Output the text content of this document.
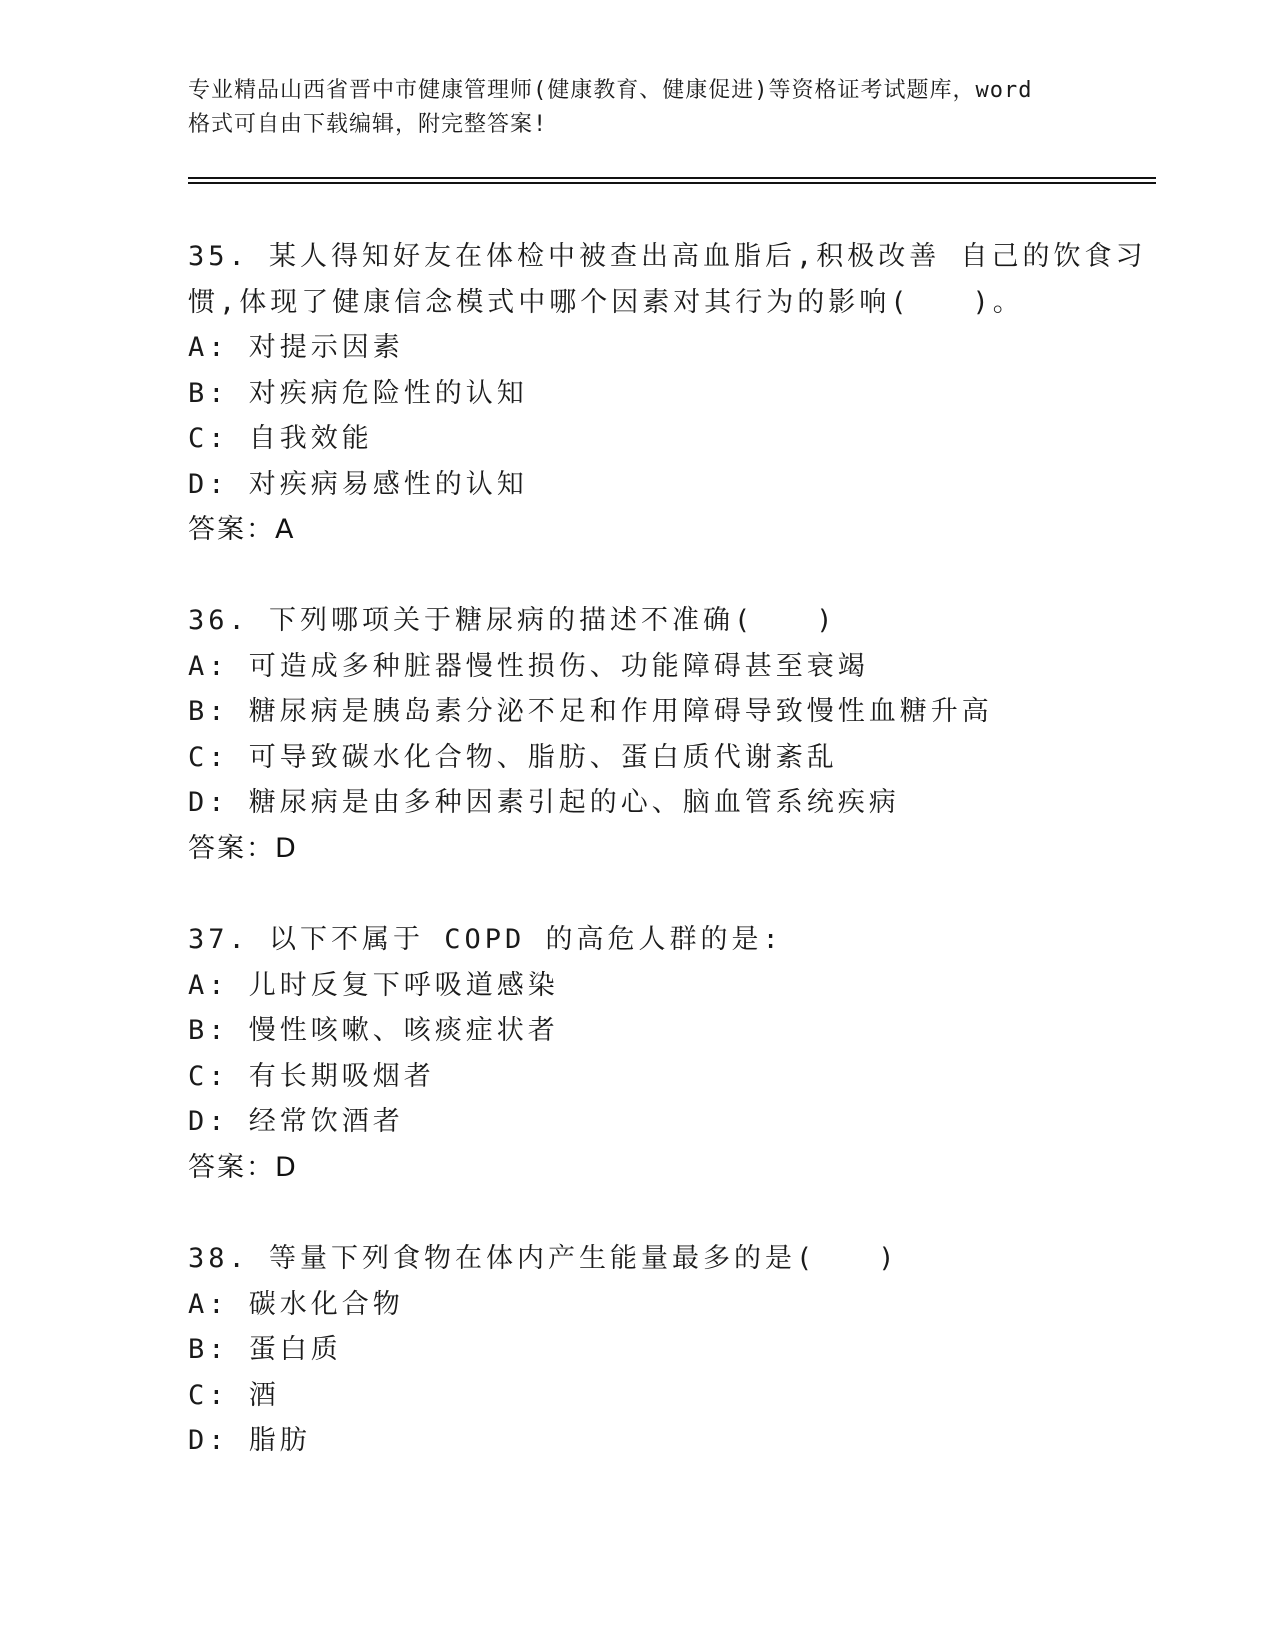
专业精品山西省晋中市健康管理师(健康教育、健康促进)等资格证考试题库，word
格式可自由下载编辑，附完整答案!
35. 某人得知好友在体检中被查出高血脂后,积极改善 自己的饮食习
惯,体现了健康信念模式中哪个因素对其行为的影响(　　)。
A: 对提示因素
B: 对疾病危险性的认知
C: 自我效能
D: 对疾病易感性的认知
答案：A
36. 下列哪项关于糖尿病的描述不准确(　　)
A: 可造成多种脏器慢性损伤、功能障碍甚至衰竭
B: 糖尿病是胰岛素分泌不足和作用障碍导致慢性血糖升高
C: 可导致碳水化合物、脂肪、蛋白质代谢紊乱
D: 糖尿病是由多种因素引起的心、脑血管系统疾病
答案：D
37. 以下不属于 COPD 的高危人群的是:
A: 儿时反复下呼吸道感染
B: 慢性咳嗽、咳痰症状者
C: 有长期吸烟者
D: 经常饮酒者
答案：D
38. 等量下列食物在体内产生能量最多的是(　　)
A: 碳水化合物
B: 蛋白质
C: 酒
D: 脂肪
